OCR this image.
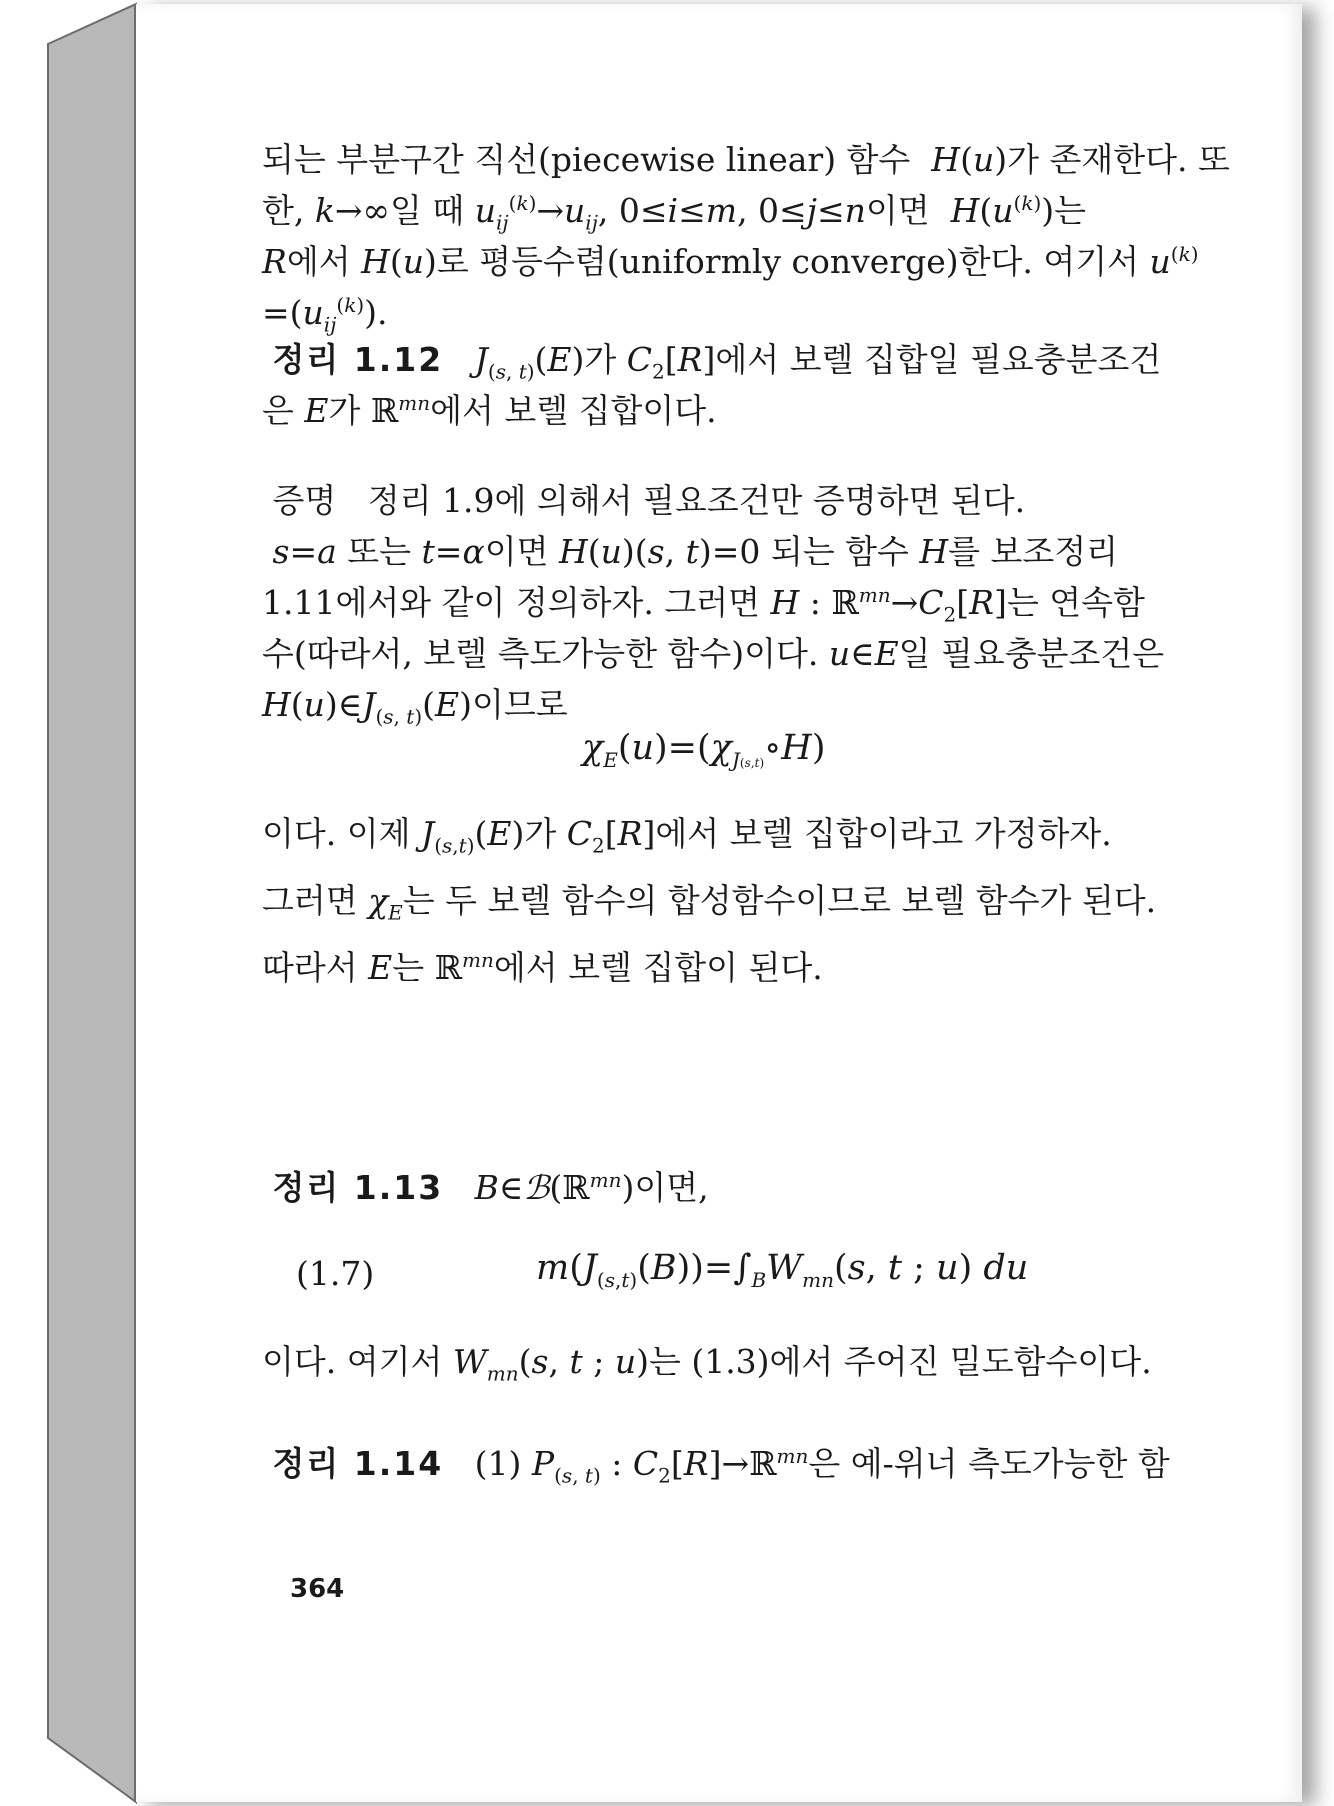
되는 부분구간 직선(piecewise linear) 함수  H(u)가 존재한다. 또

한, k→∞일 때 $u_{ij}^{(k)}\to u_{ij}$, 0≤i≤m, 0≤j≤n이면  $H(u^{(k)})$는

R에서 H(u)로 평등수렴(uniformly converge)한다. 여기서 $u^{(k)}$

$=(u_{ij}^{(k)})$.

정리 1.12 $J_{(s, t)}(E)$가 $C_2[R]$에서 보렐 집합일 필요충분조건

은 E가 ℝ$^{mn}$에서 보렐 집합이다.

증명   정리 1.9에 의해서 필요조건만 증명하면 된다.

s=a 또는 t=α이면 H(u)(s, t)=0 되는 함수 H를 보조정리

1.11에서와 같이 정의하자. 그러면 H : $ℝ^{mn}\to C_2[R]$는 연속함

수(따라서, 보렐 측도가능한 함수)이다. u∈E일 필요충분조건은

$H(u)\in J_{(s, t)}(E)$이므로

$\chi_E(u)=(\chi_{J(s,t)}\circ H)$

이다. 이제 $J_{(s,t)}(E)$가 $C_2[R]$에서 보렐 집합이라고 가정하자.

그러면 $\chi_E$는 두 보렐 함수의 합성함수이므로 보렐 함수가 된다.

따라서 E는 ℝ$^{mn}$에서 보렐 집합이 된다.

정리 1.13 B∈ℬ(ℝ$^{mn}$)이면,
(1.7)	$m(J_{(s,t)}(B))=\int_BW_{mn}(s$, t ; u) du
이다. 여기서 $W_{mn}(s$, t ; u)는 (1.3)에서 주어진 밀도함수이다.
정리 1.14   (1) $P_{(s, t)}$ : $C_2[R]\to ℝ^{mn}$은 예-위너 측도가능한 함
364
